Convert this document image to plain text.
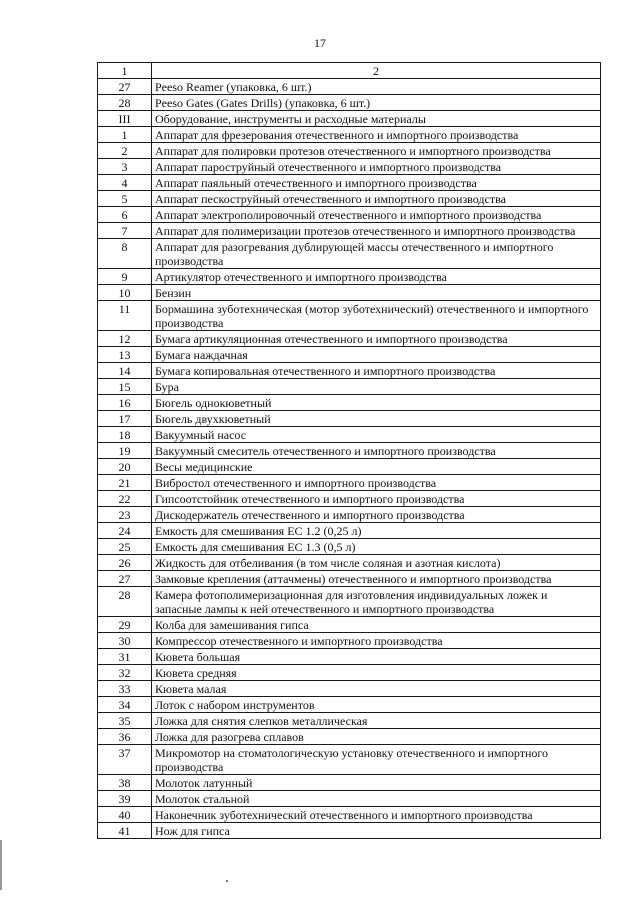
17
1	2
27	Peeso Reamer (упаковка, 6 шт.)
28	Peeso Gates (Gates Drills) (упаковка, 6 шт.)
III	Оборудование, инструменты и расходные материалы
1	Аппарат для фрезерования отечественного и импортного производства
2	Аппарат для полировки протезов отечественного и импортного производства
3	Аппарат пароструйный отечественного и импортного производства
4	Аппарат паяльный отечественного и импортного производства
5	Аппарат пескоструйный отечественного и импортного производства
6	Аппарат электрополировочный отечественного и импортного производства
7	Аппарат для полимеризации протезов отечественного и импортного производства
8	Аппарат для разогревания дублирующей массы отечественного и импортного производства
9	Артикулятор отечественного и импортного производства
10	Бензин
11	Бормашина зуботехническая (мотор зуботехнический) отечественного и импортного производства
12	Бумага артикуляционная отечественного и импортного производства
13	Бумага наждачная
14	Бумага копировальная отечественного и импортного производства
15	Бура
16	Бюгель однокюветный
17	Бюгель двухкюветный
18	Вакуумный насос
19	Вакуумный смеситель отечественного и импортного производства
20	Весы медицинские
21	Вибростол отечественного и импортного производства
22	Гипсоотстойник отечественного и импортного производства
23	Дискодержатель отечественного и импортного производства
24	Емкость для смешивания ЕС 1.2 (0,25 л)
25	Емкость для смешивания ЕС 1.3 (0,5 л)
26	Жидкость для отбеливания (в том числе соляная и азотная кислота)
27	Замковые крепления (аттачмены) отечественного и импортного производства
28	Камера фотополимеризационная для изготовления индивидуальных ложек и запасные лампы к ней отечественного и импортного производства
29	Колба для замешивания гипса
30	Компрессор отечественного и импортного производства
31	Кювета большая
32	Кювета средняя
33	Кювета малая
34	Лоток с набором инструментов
35	Ложка для снятия слепков металлическая
36	Ложка для разогрева сплавов
37	Микромотор на стоматологическую установку отечественного и импортного производства
38	Молоток латунный
39	Молоток стальной
40	Наконечник зуботехнический отечественного и импортного производства
41	Нож для гипса
